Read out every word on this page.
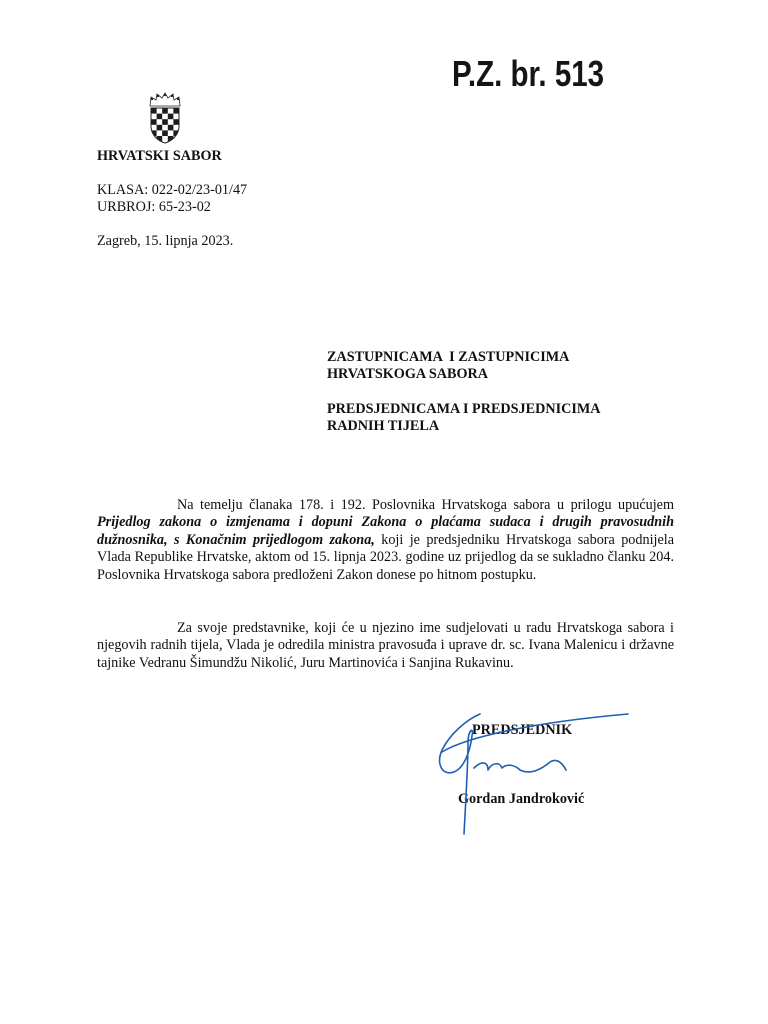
P.Z. br. 513
HRVATSKI SABOR
KLASA: 022-02/23-01/47
URBROJ: 65-23-02
Zagreb, 15. lipnja 2023.
ZASTUPNICAMA  I ZASTUPNICIMA
HRVATSKOGA SABORA
PREDSJEDNICAMA I PREDSJEDNICIMA
RADNIH TIJELA
Na temelju članaka 178. i 192. Poslovnika Hrvatskoga sabora u prilogu upućujem Prijedlog zakona o izmjenama i dopuni Zakona o plaćama sudaca i drugih pravosudnih dužnosnika, s Konačnim prijedlogom zakona, koji je predsjedniku Hrvatskoga sabora podnijela Vlada Republike Hrvatske, aktom od 15. lipnja 2023. godine uz prijedlog da se sukladno članku 204. Poslovnika Hrvatskoga sabora predloženi Zakon donese po hitnom postupku.
Za svoje predstavnike, koji će u njezino ime sudjelovati u radu Hrvatskoga sabora i njegovih radnih tijela, Vlada je odredila ministra pravosuđa i uprave dr. sc. Ivana Malenicu i državne tajnike Vedranu Šimundžu Nikolić, Juru Martinovića i Sanjina Rukavinu.
PREDSJEDNIK
Gordan Jandroković
